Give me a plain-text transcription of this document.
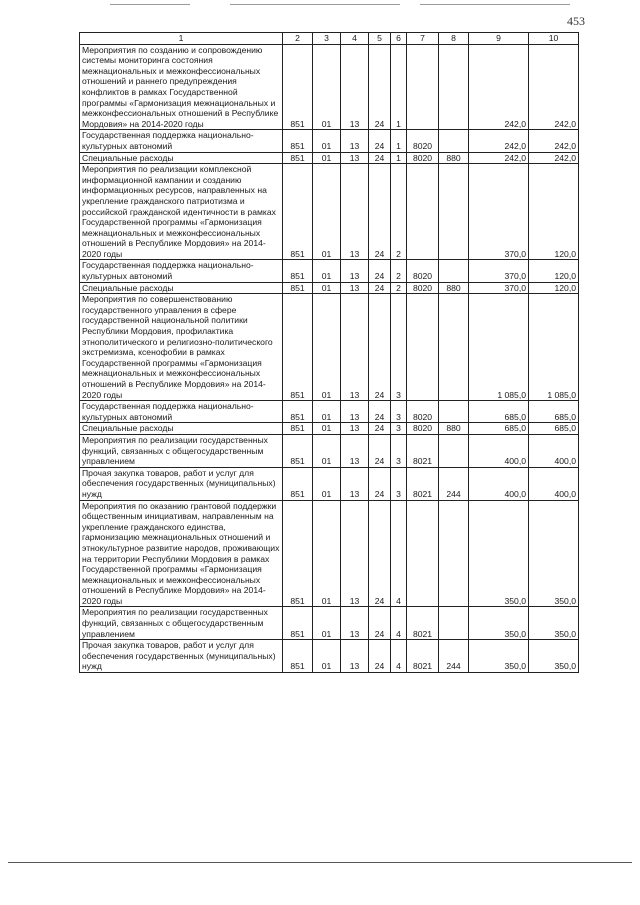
453
1	2	3	4	5	6	7	8	9	10
Мероприятия по созданию и сопровождению системы мониторинга состояния межнациональных и межконфессиональных отношений и раннего предупреждения конфликтов в рамках Государственной программы «Гармонизация межнациональных и межконфессиональных отношений в Республике Мордовия» на 2014-2020 годы	851	01	13	24	1			242,0	242,0
Государственная поддержка национально-культурных автономий	851	01	13	24	1	8020		242,0	242,0
Специальные расходы	851	01	13	24	1	8020	880	242,0	242,0
Мероприятия по реализации комплексной информационной кампании и созданию информационных ресурсов, направленных на укрепление гражданского патриотизма и российской гражданской идентичности в рамках Государственной программы «Гармонизация межнациональных и межконфессиональных отношений в Республике Мордовия» на 2014-2020 годы	851	01	13	24	2			370,0	120,0
Государственная поддержка национально-культурных автономий	851	01	13	24	2	8020		370,0	120,0
Специальные расходы	851	01	13	24	2	8020	880	370,0	120,0
Мероприятия по совершенствованию государственного управления в сфере государственной национальной политики Республики Мордовия, профилактика этнополитического и религиозно-политического экстремизма, ксенофобии в рамках Государственной программы «Гармонизация межнациональных и межконфессиональных отношений в Республике Мордовия» на 2014-2020 годы	851	01	13	24	3			1 085,0	1 085,0
Государственная поддержка национально-культурных автономий	851	01	13	24	3	8020		685,0	685,0
Специальные расходы	851	01	13	24	3	8020	880	685,0	685,0
Мероприятия по реализации государственных функций, связанных с общегосударственным управлением	851	01	13	24	3	8021		400,0	400,0
Прочая закупка товаров, работ и услуг для обеспечения государственных (муниципальных) нужд	851	01	13	24	3	8021	244	400,0	400,0
Мероприятия по оказанию грантовой поддержки общественным инициативам, направленным на укрепление гражданского единства, гармонизацию межнациональных отношений и этнокультурное развитие народов, проживающих на территории Республики Мордовия в рамках Государственной программы «Гармонизация межнациональных и межконфессиональных отношений в Республике Мордовия» на 2014-2020 годы	851	01	13	24	4			350,0	350,0
Мероприятия по реализации государственных функций, связанных с общегосударственным управлением	851	01	13	24	4	8021		350,0	350,0
Прочая закупка товаров, работ и услуг для обеспечения государственных (муниципальных) нужд	851	01	13	24	4	8021	244	350,0	350,0
